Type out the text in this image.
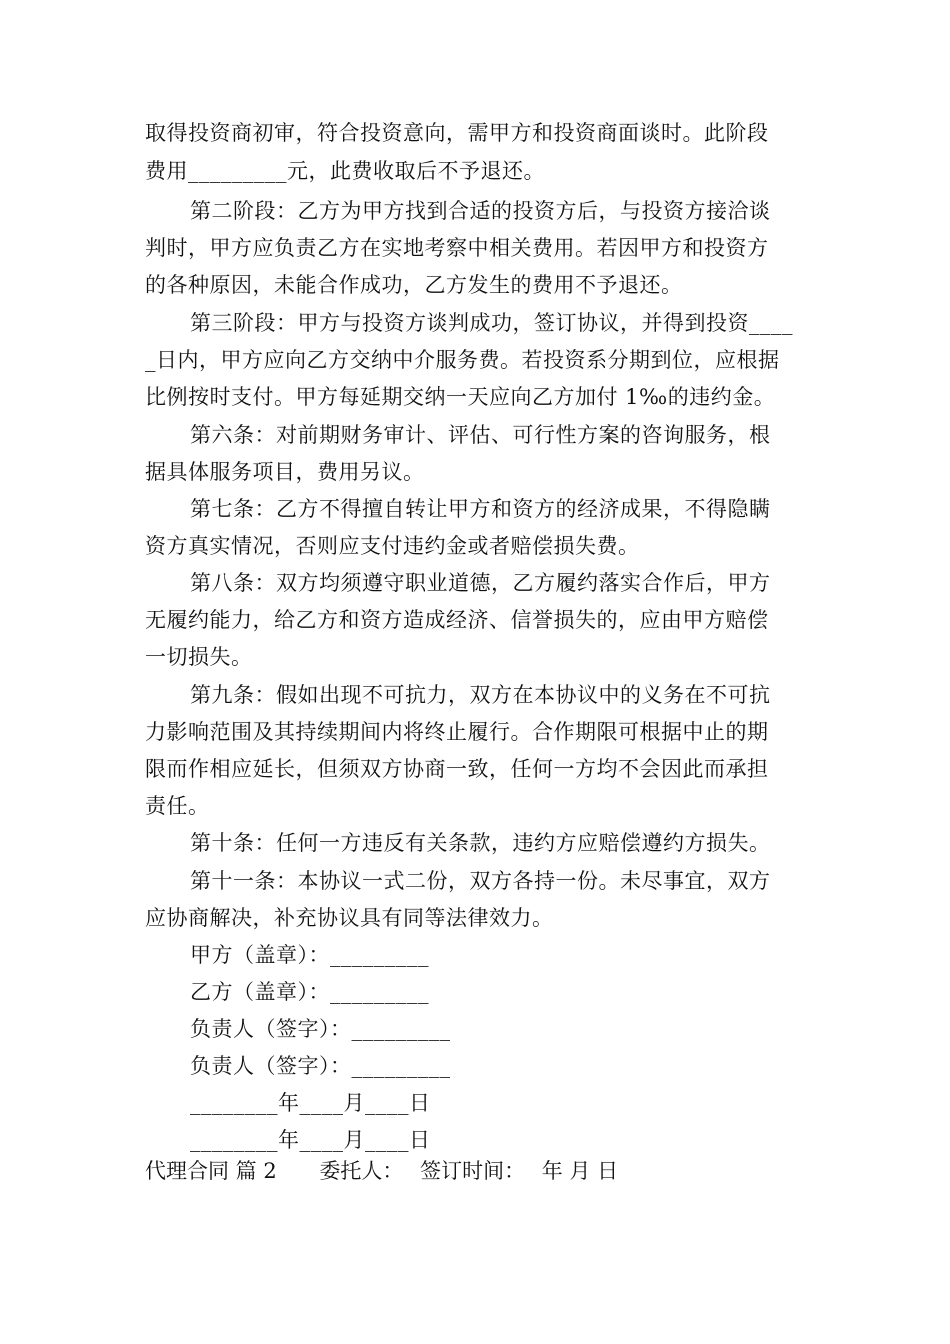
取得投资商初审，符合投资意向，需甲方和投资商面谈时。此阶段
费用_________元，此费收取后不予退还。
第二阶段：乙方为甲方找到合适的投资方后，与投资方接洽谈
判时，甲方应负责乙方在实地考察中相关费用。若因甲方和投资方
的各种原因，未能合作成功，乙方发生的费用不予退还。
第三阶段：甲方与投资方谈判成功，签订协议，并得到投资____
_日内，甲方应向乙方交纳中介服务费。若投资系分期到位，应根据
比例按时支付。甲方每延期交纳一天应向乙方加付 1‰的违约金。
第六条：对前期财务审计、评估、可行性方案的咨询服务，根
据具体服务项目，费用另议。
第七条：乙方不得擅自转让甲方和资方的经济成果，不得隐瞒
资方真实情况，否则应支付违约金或者赔偿损失费。
第八条：双方均须遵守职业道德，乙方履约落实合作后，甲方
无履约能力，给乙方和资方造成经济、信誉损失的，应由甲方赔偿
一切损失。
第九条：假如出现不可抗力，双方在本协议中的义务在不可抗
力影响范围及其持续期间内将终止履行。合作期限可根据中止的期
限而作相应延长，但须双方协商一致，任何一方均不会因此而承担
责任。
第十条：任何一方违反有关条款，违约方应赔偿遵约方损失。
第十一条：本协议一式二份，双方各持一份。未尽事宜，双方
应协商解决，补充协议具有同等法律效力。
甲方（盖章）：_________
乙方（盖章）：_________
负责人（签字）：_________
负责人（签字）：_________
________年____月____日
________年____月____日
代理合同 篇 2 委托人： 签订时间： 年 月 日
